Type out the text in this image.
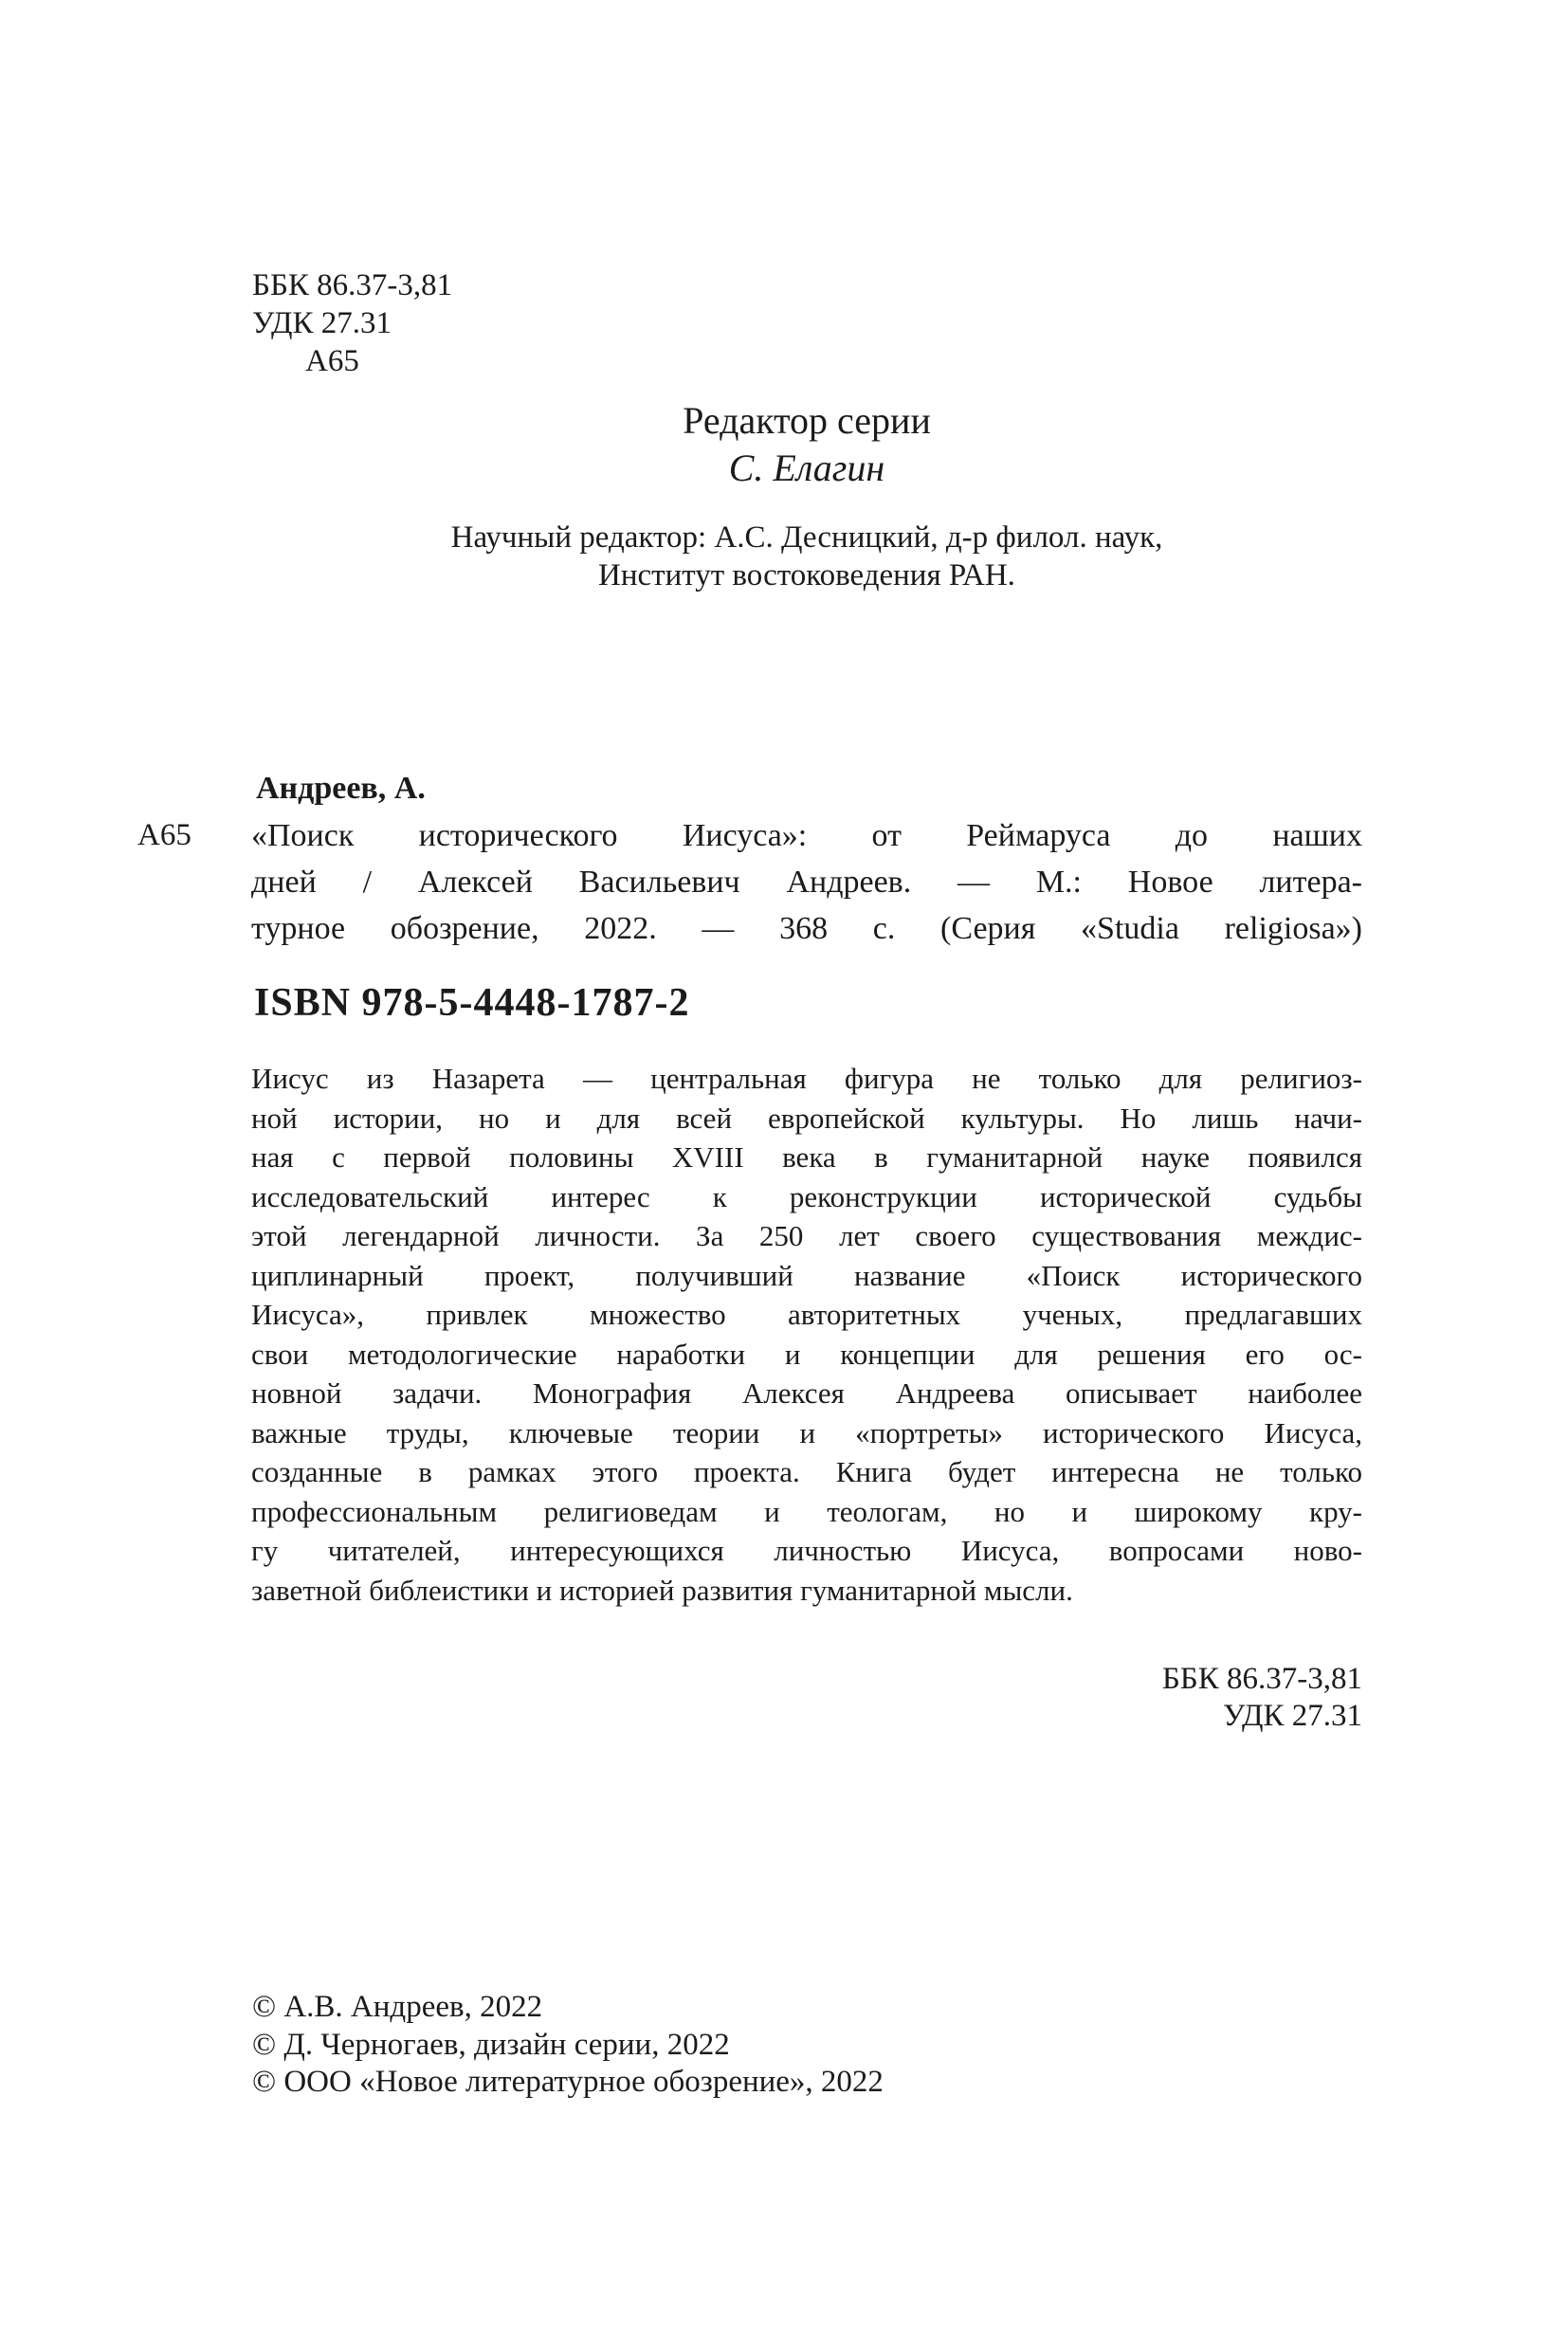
ББК 86.37-3,81
УДК 27.31
А65
Редактор серии
С. Елагин
Научный редактор: А.С. Десницкий, д-р филол. наук,
Институт востоковедения РАН.
Андреев, А.
А65 «Поиск исторического Иисуса»: от Реймаруса до наших
дней / Алексей Васильевич Андреев. — М.: Новое литера-
турное обозрение, 2022. — 368 с. (Серия «Studia religiosa»)
ISBN 978-5-4448-1787-2
Иисус из Назарета — центральная фигура не только для религиоз-
ной истории, но и для всей европейской культуры. Но лишь начи-
ная с первой половины XVIII века в гуманитарной науке появился
исследовательский интерес к реконструкции исторической судьбы
этой легендарной личности. За 250 лет своего существования междис-
циплинарный проект, получивший название «Поиск исторического
Иисуса», привлек множество авторитетных ученых, предлагавших
свои методологические наработки и концепции для решения его ос-
новной задачи. Монография Алексея Андреева описывает наиболее
важные труды, ключевые теории и «портреты» исторического Иисуса,
созданные в рамках этого проекта. Книга будет интересна не только
профессиональным религиоведам и теологам, но и широкому кру-
гу читателей, интересующихся личностью Иисуса, вопросами ново-
заветной библеистики и историей развития гуманитарной мысли.
ББК 86.37-3,81
УДК 27.31
© А.В. Андреев, 2022
© Д. Черногаев, дизайн серии, 2022
© ООО «Новое литературное обозрение», 2022
